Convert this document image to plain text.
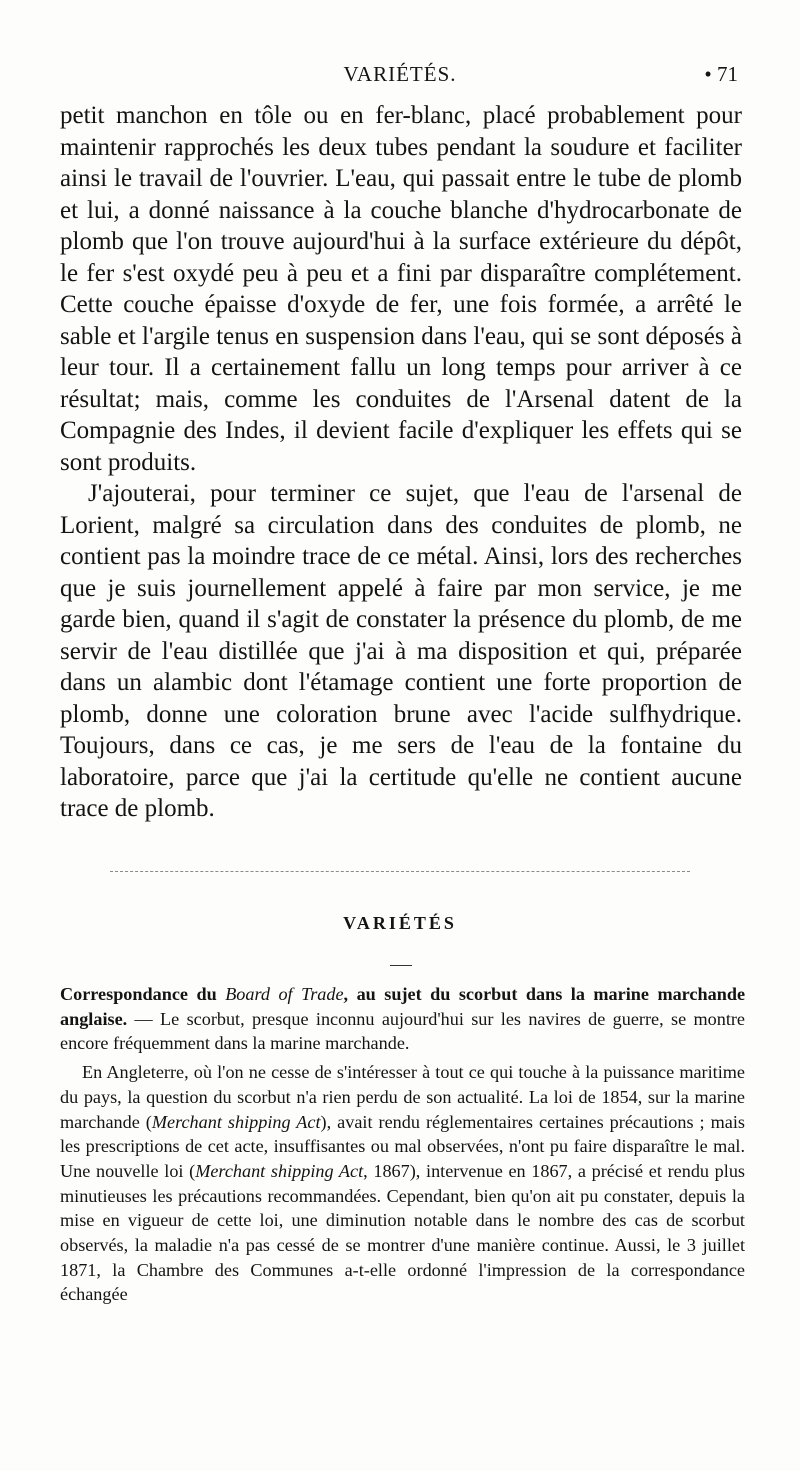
VARIÉTÉS.	• 71

petit manchon en tôle ou en fer-blanc, placé probablement pour maintenir rapprochés les deux tubes pendant la soudure et faciliter ainsi le travail de l'ouvrier. L'eau, qui passait entre le tube de plomb et lui, a donné naissance à la couche blanche d'hydrocarbonate de plomb que l'on trouve aujourd'hui à la surface extérieure du dépôt, le fer s'est oxydé peu à peu et a fini par disparaître complétement. Cette couche épaisse d'oxyde de fer, une fois formée, a arrêté le sable et l'argile tenus en suspension dans l'eau, qui se sont déposés à leur tour. Il a certainement fallu un long temps pour arriver à ce résultat; mais, comme les conduites de l'Arsenal datent de la Compagnie des Indes, il devient facile d'expliquer les effets qui se sont produits.

J'ajouterai, pour terminer ce sujet, que l'eau de l'arsenal de Lorient, malgré sa circulation dans des conduites de plomb, ne contient pas la moindre trace de ce métal. Ainsi, lors des recherches que je suis journellement appelé à faire par mon service, je me garde bien, quand il s'agit de constater la présence du plomb, de me servir de l'eau distillée que j'ai à ma disposition et qui, préparée dans un alambic dont l'étamage contient une forte proportion de plomb, donne une coloration brune avec l'acide sulfhydrique. Toujours, dans ce cas, je me sers de l'eau de la fontaine du laboratoire, parce que j'ai la certitude qu'elle ne contient aucune trace de plomb.

VARIÉTÉS

Correspondance du Board of Trade, au sujet du scorbut dans la marine marchande anglaise. — Le scorbut, presque inconnu aujourd'hui sur les navires de guerre, se montre encore fréquemment dans la marine marchande.

En Angleterre, où l'on ne cesse de s'intéresser à tout ce qui touche à la puissance maritime du pays, la question du scorbut n'a rien perdu de son actualité. La loi de 1854, sur la marine marchande (Merchant shipping Act), avait rendu réglementaires certaines précautions ; mais les prescriptions de cet acte, insuffisantes ou mal observées, n'ont pu faire disparaître le mal. Une nouvelle loi (Merchant shipping Act, 1867), intervenue en 1867, a précisé et rendu plus minutieuses les précautions recommandées. Cependant, bien qu'on ait pu constater, depuis la mise en vigueur de cette loi, une diminution notable dans le nombre des cas de scorbut observés, la maladie n'a pas cessé de se montrer d'une manière continue. Aussi, le 3 juillet 1871, la Chambre des Communes a-t-elle ordonné l'impression de la correspondance échangée
